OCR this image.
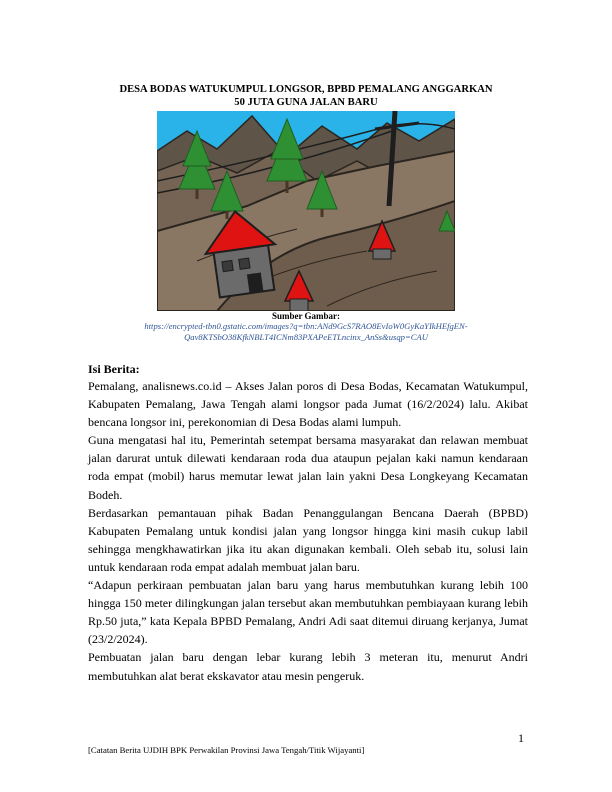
DESA BODAS WATUKUMPUL LONGSOR, BPBD PEMALANG ANGGARKAN
50 JUTA GUNA JALAN BARU
Sumber Gambar:
https://encrypted-tbn0.gstatic.com/images?q=tbn:ANd9GcS7RAO8EvIoW0GyKaYIkHEfgEN-
Qav8KTSbO38KfkNBLT4ICNm83PXAPeETLncinx_AnSs&usqp=CAU
Isi Berita:

Pemalang, analisnews.co.id – Akses Jalan poros di Desa Bodas, Kecamatan Watukumpul, Kabupaten Pemalang, Jawa Tengah alami longsor pada Jumat (16/2/2024) lalu. Akibat bencana longsor ini, perekonomian di Desa Bodas alami lumpuh.

Guna mengatasi hal itu, Pemerintah setempat bersama masyarakat dan relawan membuat jalan darurat untuk dilewati kendaraan roda dua ataupun pejalan kaki namun kendaraan roda empat (mobil) harus memutar lewat jalan lain yakni Desa Longkeyang Kecamatan Bodeh.

Berdasarkan pemantauan pihak Badan Penanggulangan Bencana Daerah (BPBD) Kabupaten Pemalang untuk kondisi jalan yang longsor hingga kini masih cukup labil sehingga mengkhawatirkan jika itu akan digunakan kembali. Oleh sebab itu, solusi lain untuk kendaraan roda empat adalah membuat jalan baru.

“Adapun perkiraan pembuatan jalan baru yang harus membutuhkan kurang lebih 100 hingga 150 meter dilingkungan jalan tersebut akan membutuhkan pembiayaan kurang lebih Rp.50 juta,” kata Kepala BPBD Pemalang, Andri Adi saat ditemui diruang kerjanya, Jumat (23/2/2024).

Pembuatan jalan baru dengan lebar kurang lebih 3 meteran itu, menurut Andri membutuhkan alat berat ekskavator atau mesin pengeruk.

1
[Catatan Berita UJDIH BPK Perwakilan Provinsi Jawa Tengah/Titik Wijayanti]
